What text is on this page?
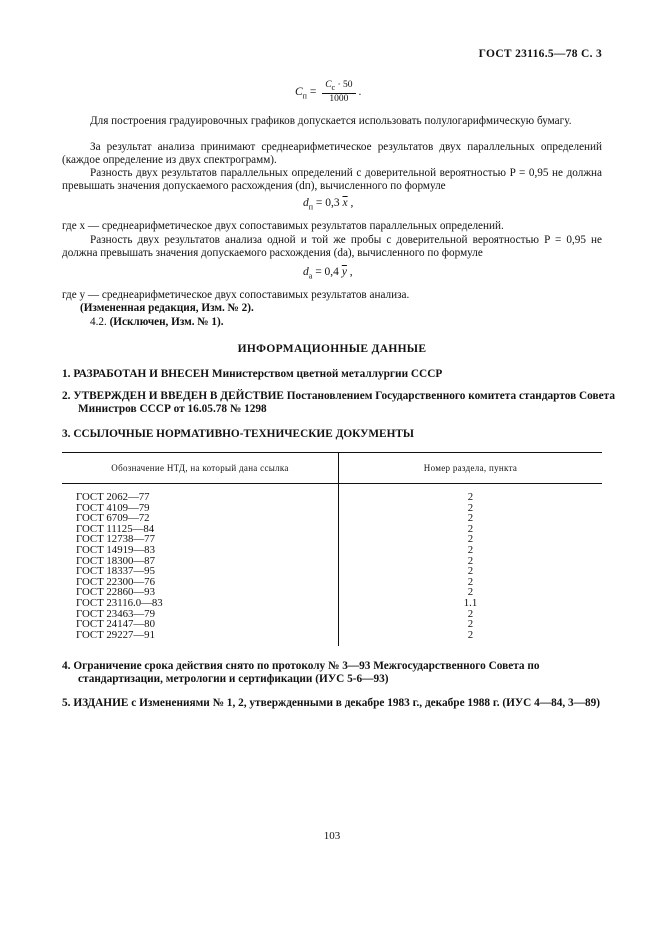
ГОСТ 23116.5—78 С. 3
$C_п = \frac{C_c \cdot 50}{1000}$ .
Для построения градуировочных графиков допускается использовать полулогарифмическую бумагу.
За результат анализа принимают среднеарифметическое результатов двух параллельных определений (каждое определение из двух спектрограмм).
Разность двух результатов параллельных определений с доверительной вероятностью P = 0,95 не должна превышать значения допускаемого расхождения (dп), вычисленного по формуле
$d_п = 0,3$ $\overline{x}$ ,
где x — среднеарифметическое двух сопоставимых результатов параллельных определений.
Разность двух результатов анализа одной и той же пробы с доверительной вероятностью P = 0,95 не должна превышать значения допускаемого расхождения (dа), вычисленного по формуле
$d_а = 0,4$ $\overline{y}$ ,
где y — среднеарифметическое двух сопоставимых результатов анализа.
(Измененная редакция, Изм. № 2).
4.2. (Исключен, Изм. № 1).
ИНФОРМАЦИОННЫЕ ДАННЫЕ
1. РАЗРАБОТАН И ВНЕСЕН Министерством цветной металлургии СССР
2. УТВЕРЖДЕН И ВВЕДЕН В ДЕЙСТВИЕ Постановлением Государственного комитета стандартов Совета Министров СССР от 16.05.78 № 1298
3. ССЫЛОЧНЫЕ НОРМАТИВНО-ТЕХНИЧЕСКИЕ ДОКУМЕНТЫ
Обозначение НТД, на который дана ссылка	Номер раздела, пункта
ГОСТ 2062—77	2
ГОСТ 4109—79	2
ГОСТ 6709—72	2
ГОСТ 11125—84	2
ГОСТ 12738—77	2
ГОСТ 14919—83	2
ГОСТ 18300—87	2
ГОСТ 18337—95	2
ГОСТ 22300—76	2
ГОСТ 22860—93	2
ГОСТ 23116.0—83	1.1
ГОСТ 23463—79	2
ГОСТ 24147—80	2
ГОСТ 29227—91	2
4. Ограничение срока действия снято по протоколу № 3—93 Межгосударственного Совета по стандартизации, метрологии и сертификации (ИУС 5-6—93)
5. ИЗДАНИЕ с Изменениями № 1, 2, утвержденными в декабре 1983 г., декабре 1988 г. (ИУС 4—84, 3—89)
103
